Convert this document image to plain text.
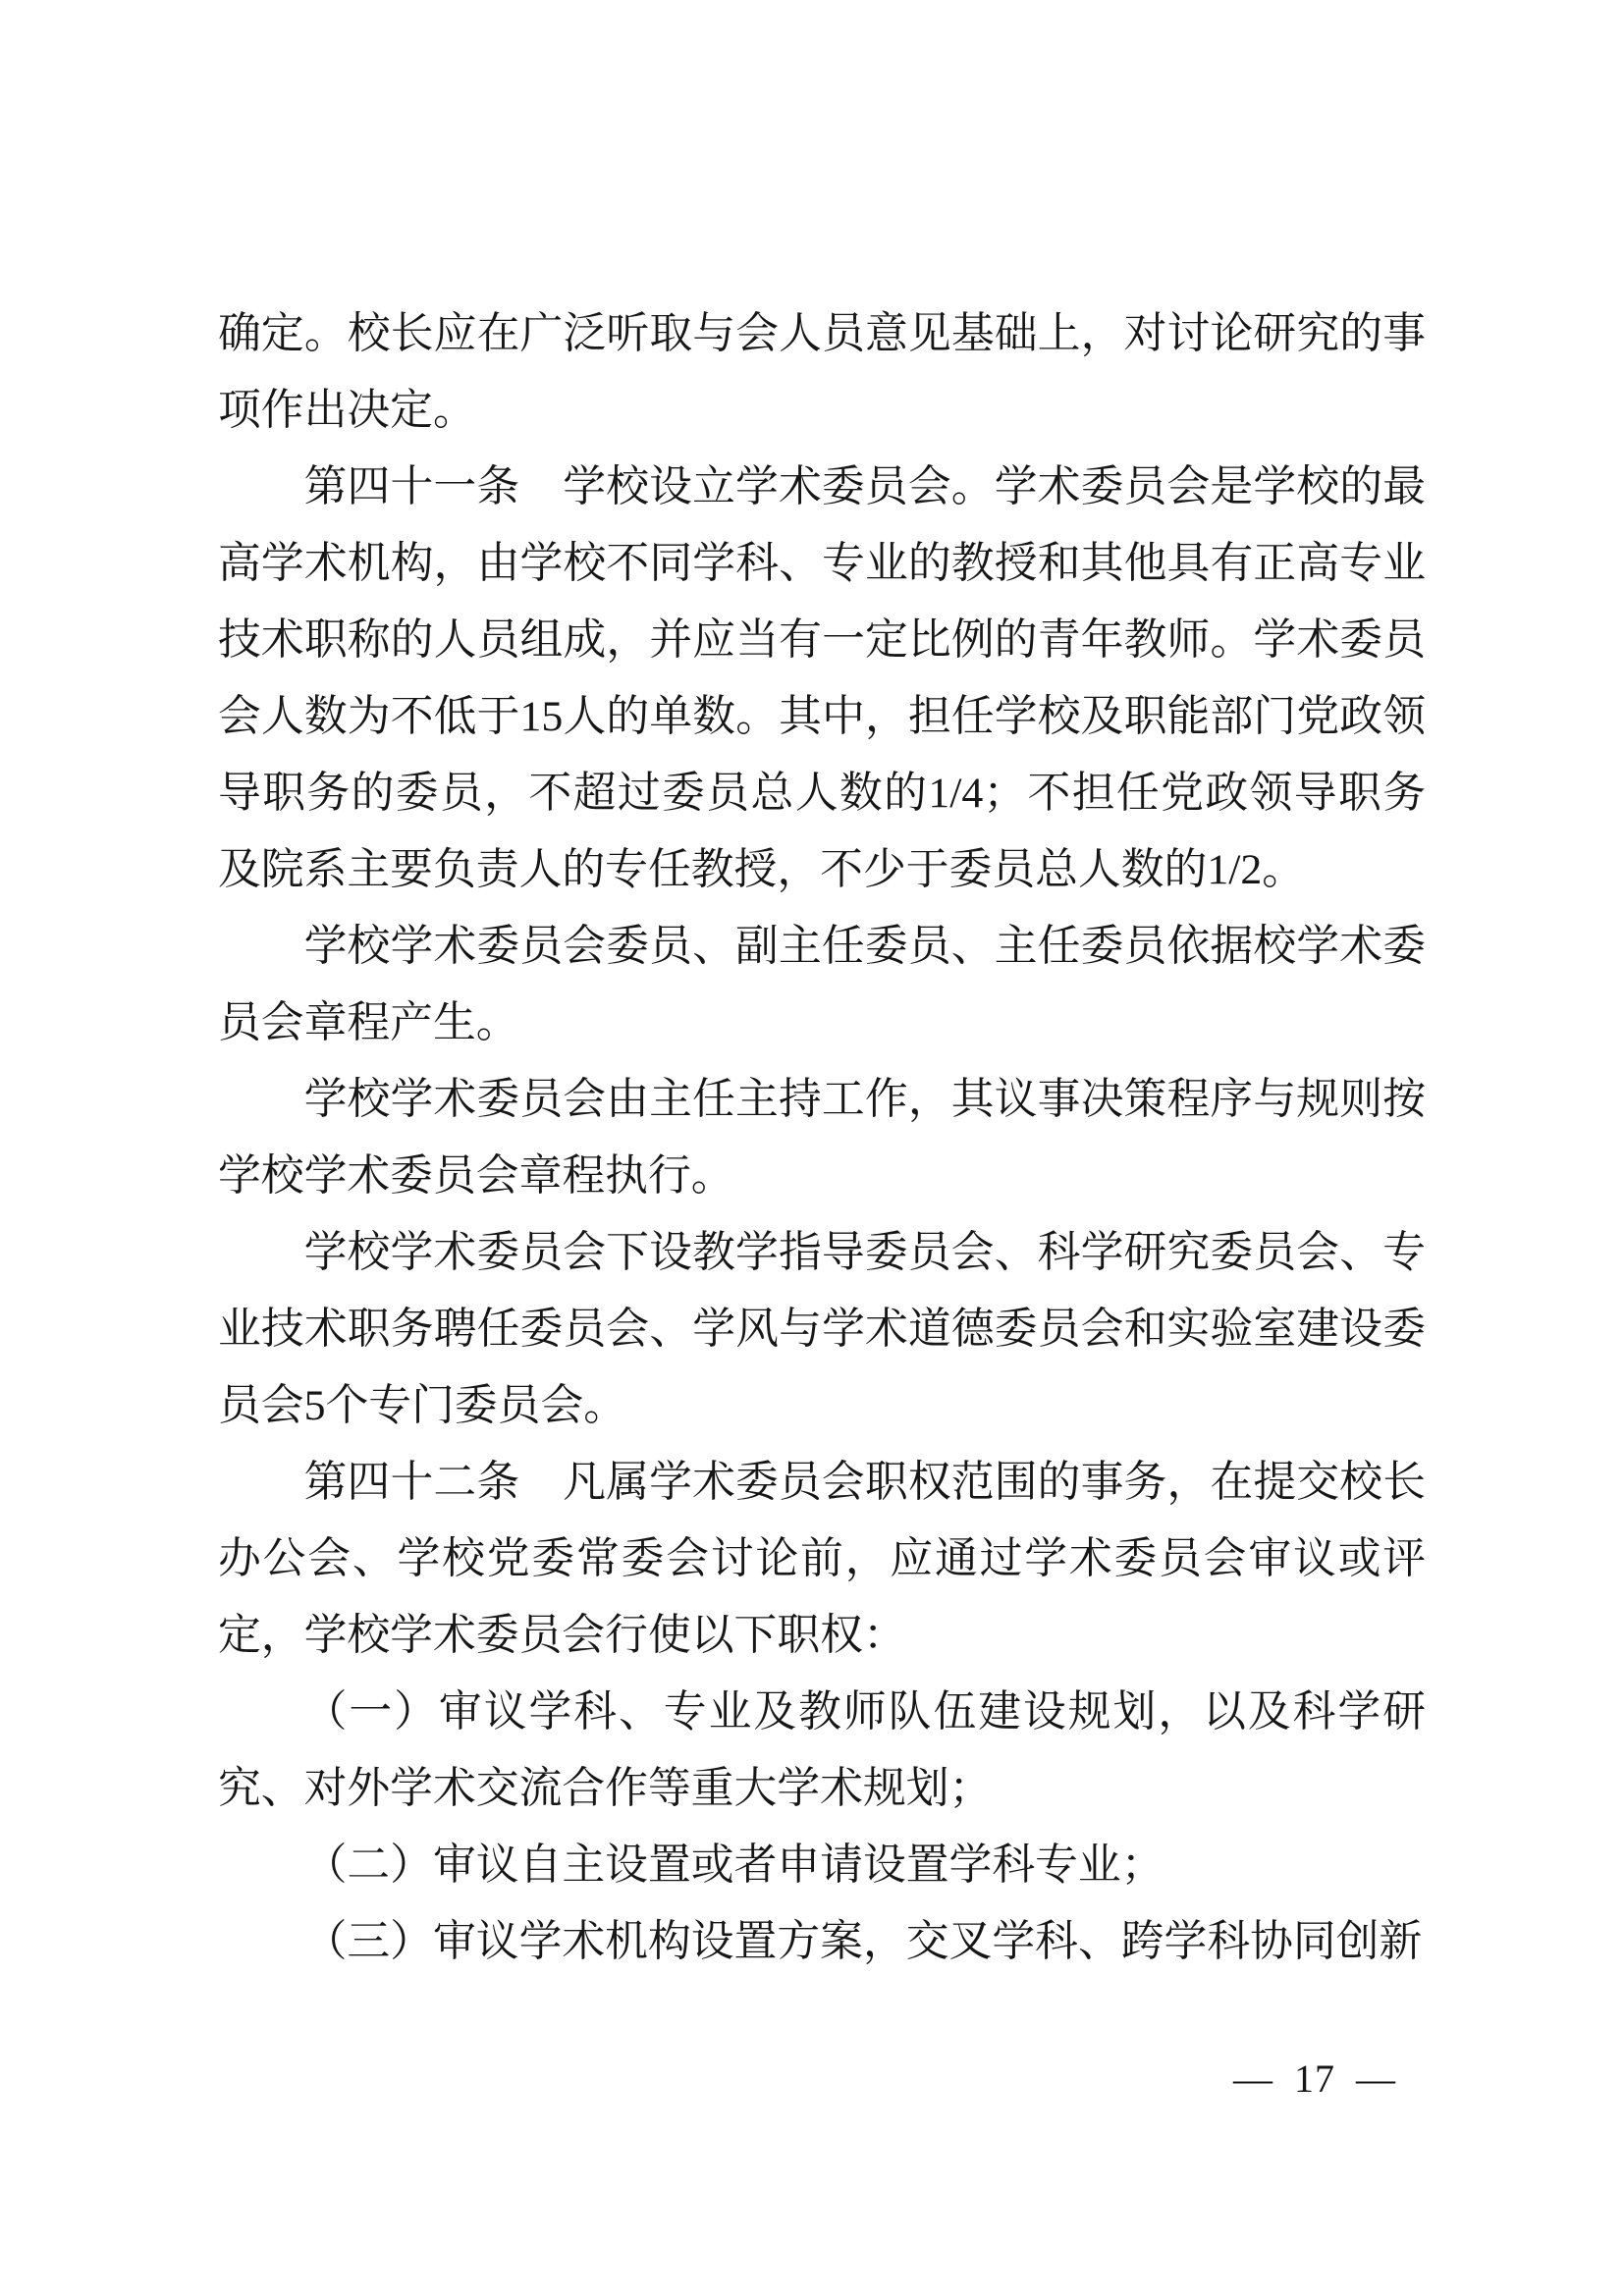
确定。校长应在广泛听取与会人员意见基础上，对讨论研究的事项作出决定。

第四十一条　学校设立学术委员会。学术委员会是学校的最高学术机构，由学校不同学科、专业的教授和其他具有正高专业技术职称的人员组成，并应当有一定比例的青年教师。学术委员会人数为不低于15人的单数。其中，担任学校及职能部门党政领导职务的委员，不超过委员总人数的1/4；不担任党政领导职务及院系主要负责人的专任教授，不少于委员总人数的1/2。

学校学术委员会委员、副主任委员、主任委员依据校学术委员会章程产生。

学校学术委员会由主任主持工作，其议事决策程序与规则按学校学术委员会章程执行。

学校学术委员会下设教学指导委员会、科学研究委员会、专业技术职务聘任委员会、学风与学术道德委员会和实验室建设委员会5个专门委员会。

第四十二条　凡属学术委员会职权范围的事务，在提交校长办公会、学校党委常委会讨论前，应通过学术委员会审议或评定，学校学术委员会行使以下职权：

（一）审议学科、专业及教师队伍建设规划，以及科学研究、对外学术交流合作等重大学术规划；

（二）审议自主设置或者申请设置学科专业；

（三）审议学术机构设置方案，交叉学科、跨学科协同创新

— 17 —
